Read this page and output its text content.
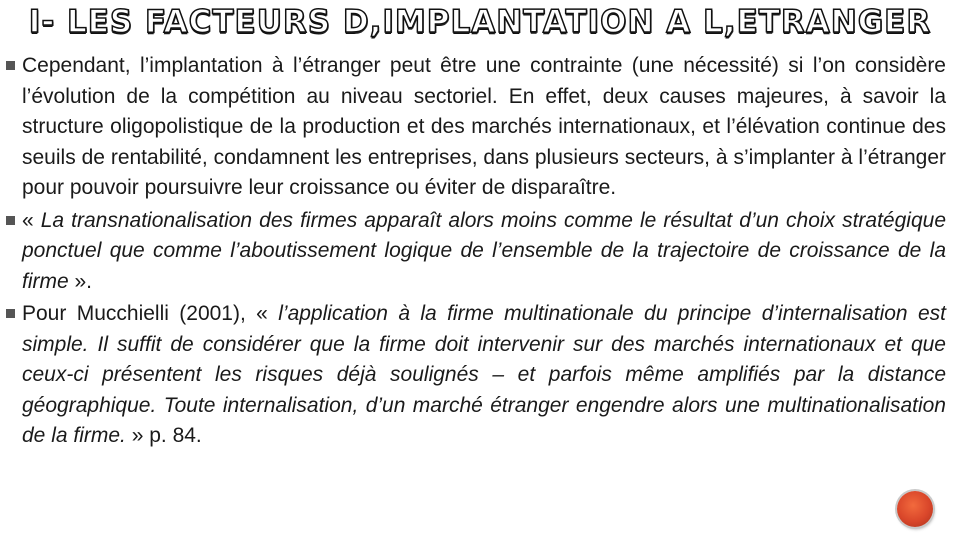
I- LES FACTEURS D,IMPLANTATION A L,ETRANGER
Cependant, l’implantation à l’étranger peut être une contrainte (une nécessité) si l’on considère l’évolution de la compétition au niveau sectoriel. En effet, deux causes majeures, à savoir la structure oligopolistique de la production et des marchés internationaux, et l’élévation continue des seuils de rentabilité, condamnent les entreprises, dans plusieurs secteurs, à s’implanter à l’étranger pour pouvoir poursuivre leur croissance ou éviter de disparaître.
« La transnationalisation des firmes apparaît alors moins comme le résultat d’un choix stratégique ponctuel que comme l’aboutissement logique de l’ensemble de la trajectoire de croissance de la firme ».
Pour Mucchielli (2001), « l’application à la firme multinationale du principe d’internalisation est simple. Il suffit de considérer que la firme doit intervenir sur des marchés internationaux et que ceux-ci présentent les risques déjà soulignés – et parfois même amplifiés par la distance géographique. Toute internalisation, d’un marché étranger engendre alors une multinationalisation de la firme. » p. 84.
